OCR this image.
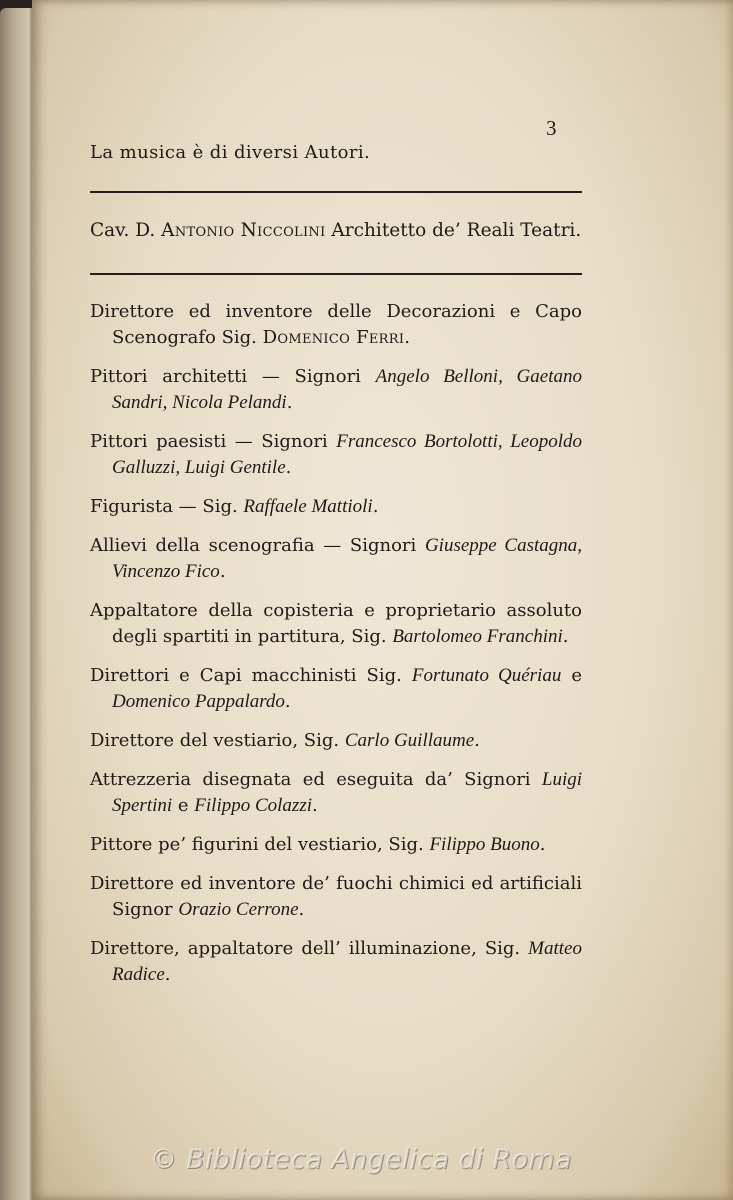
3
La musica è di diversi Autori.
Cav. D. Antonio Niccolini Architetto de’ Reali Teatri.

Direttore ed inventore delle Decorazioni e Capo Scenografo Sig. Domenico Ferri.

Pittori architetti — Signori Angelo Belloni, Gaetano Sandri, Nicola Pelandi.

Pittori paesisti — Signori Francesco Bortolotti, Leopoldo Galluzzi, Luigi Gentile.

Figurista — Sig. Raffaele Mattioli.

Allievi della scenografia — Signori Giuseppe Castagna, Vincenzo Fico.

Appaltatore della copisteria e proprietario assoluto degli spartiti in partitura, Sig. Bartolomeo Franchini.

Direttori e Capi macchinisti Sig. Fortunato Quériau e Domenico Pappalardo.

Direttore del vestiario, Sig. Carlo Guillaume.

Attrezzeria disegnata ed eseguita da’ Signori Luigi Spertini e Filippo Colazzi.

Pittore pe’ figurini del vestiario, Sig. Filippo Buono.

Direttore ed inventore de’ fuochi chimici ed artificiali Signor Orazio Cerrone.

Direttore, appaltatore dell’ illuminazione, Sig. Matteo Radice.

© Biblioteca Angelica di Roma
